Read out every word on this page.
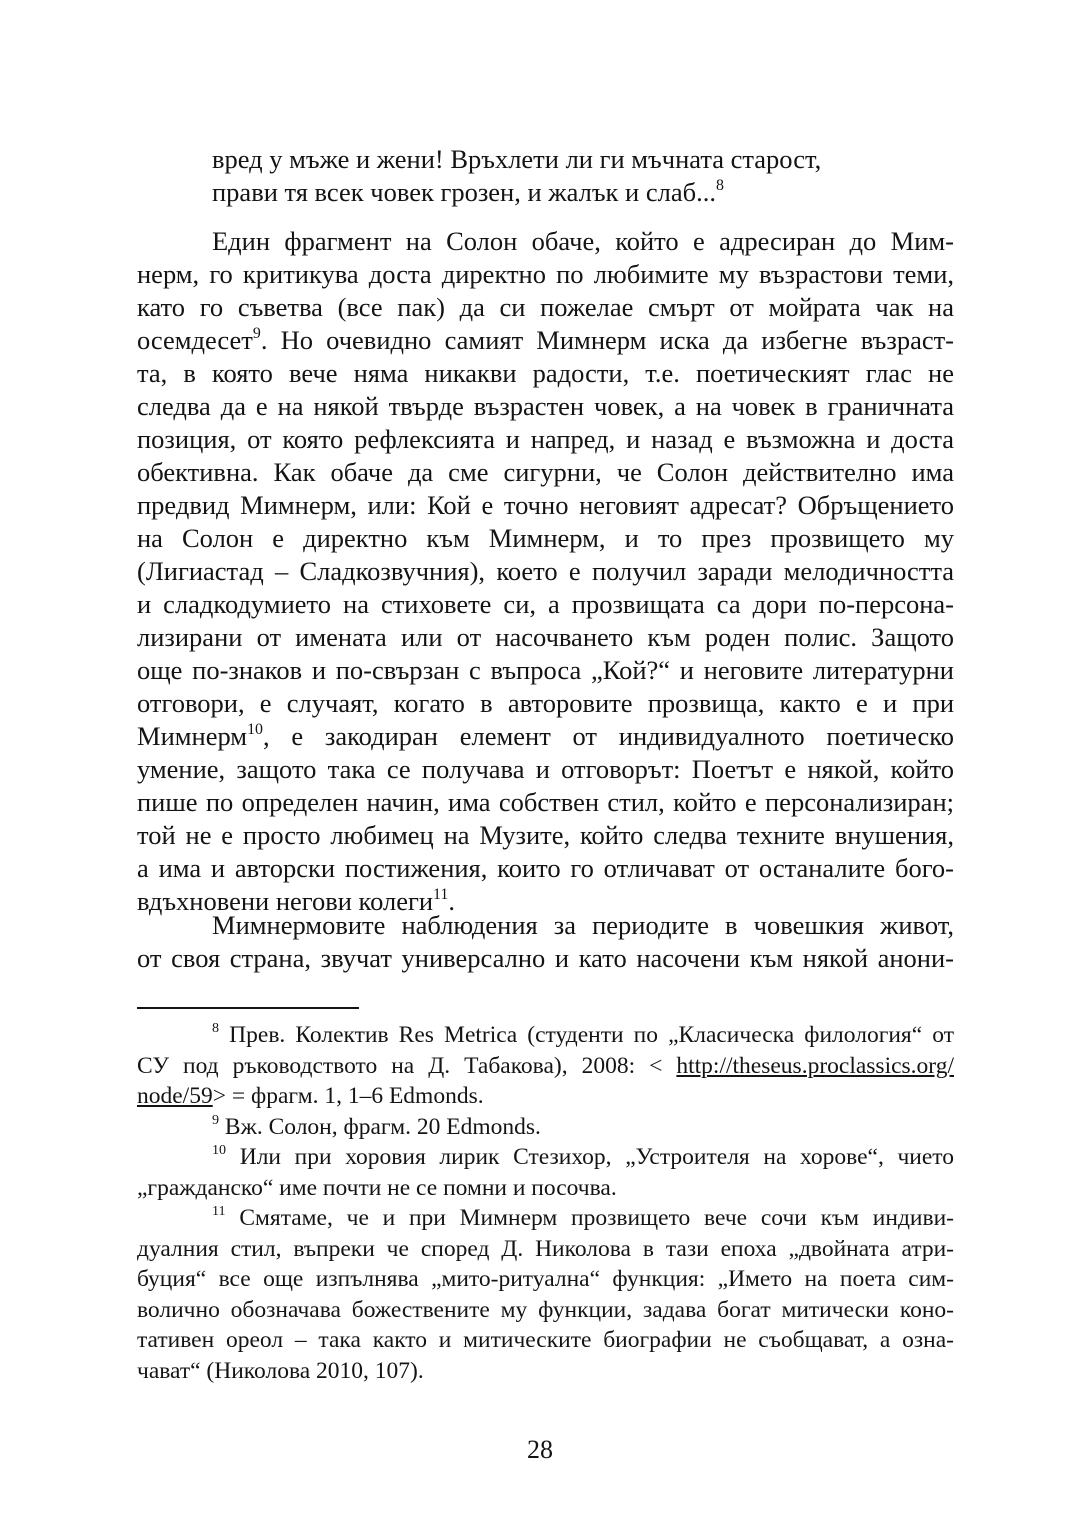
вред у мъже и жени! Връхлети ли ги мъчната старост,
прави тя всек човек грозен, и жалък и слаб...$^8$
Един фрагмент на Солон обаче, който е адресиран до Мим-
нерм, го критикува доста директно по любимите му възрастови теми,
като го съветва (все пак) да си пожелае смърт от мойрата чак на
осемдесет$^9$. Но очевидно самият Мимнерм иска да избегне възраст-
та, в която вече няма никакви радости, т.е. поетическият глас не
следва да е на някой твърде възрастен човек, а на човек в граничната
позиция, от която рефлексията и напред, и назад е възможна и доста
обективна. Как обаче да сме сигурни, че Солон действително има
предвид Мимнерм, или: Кой е точно неговият адресат? Обръщението
на Солон е директно към Мимнерм, и то през прозвището му
(Лигиастад – Сладкозвучния), което е получил заради мелодичността
и сладкодумието на стиховете си, а прозвищата са дори по-персона-
лизирани от имената или от насочването към роден полис. Защото
още по-знаков и по-свързан с въпроса „Кой?“ и неговите литературни
отговори, е случаят, когато в авторовите прозвища, както е и при
Мимнерм$^{10}$, е закодиран елемент от индивидуалното поетическо
умение, защото така се получава и отговорът: Поетът е някой, който
пише по определен начин, има собствен стил, който е персонализиран;
той не е просто любимец на Музите, който следва техните внушения,
а има и авторски постижения, които го отличават от останалите бого-
вдъхновени негови колеги$^{11}$.
Мимнермовите наблюдения за периодите в човешкия живот,
от своя страна, звучат универсално и като насочени към някой анони-
$^8$ Прев. Колектив Res Metrica (студенти по „Класическа филология“ от
СУ под ръководството на Д. Табакова), 2008: < http://theseus.proclassics.org/
node/59> = фрагм. 1, 1–6 Edmonds.
$^9$ Вж. Солон, фрагм. 20 Edmonds.
$^{10}$ Или при хоровия лирик Стезихор, „Устроителя на хорове“, чието
„гражданско“ име почти не се помни и посочва.
$^{11}$ Смятаме, че и при Мимнерм прозвището вече сочи към индиви-
дуалния стил, въпреки че според Д. Николова в тази епоха „двойната атри-
буция“ все още изпълнява „мито-ритуална“ функция: „Името на поета сим-
волично обозначава божествените му функции, задава богат митически коно-
тативен ореол – така както и митическите биографии не съобщават, а озна-
чават“ (Николова 2010, 107).
28
